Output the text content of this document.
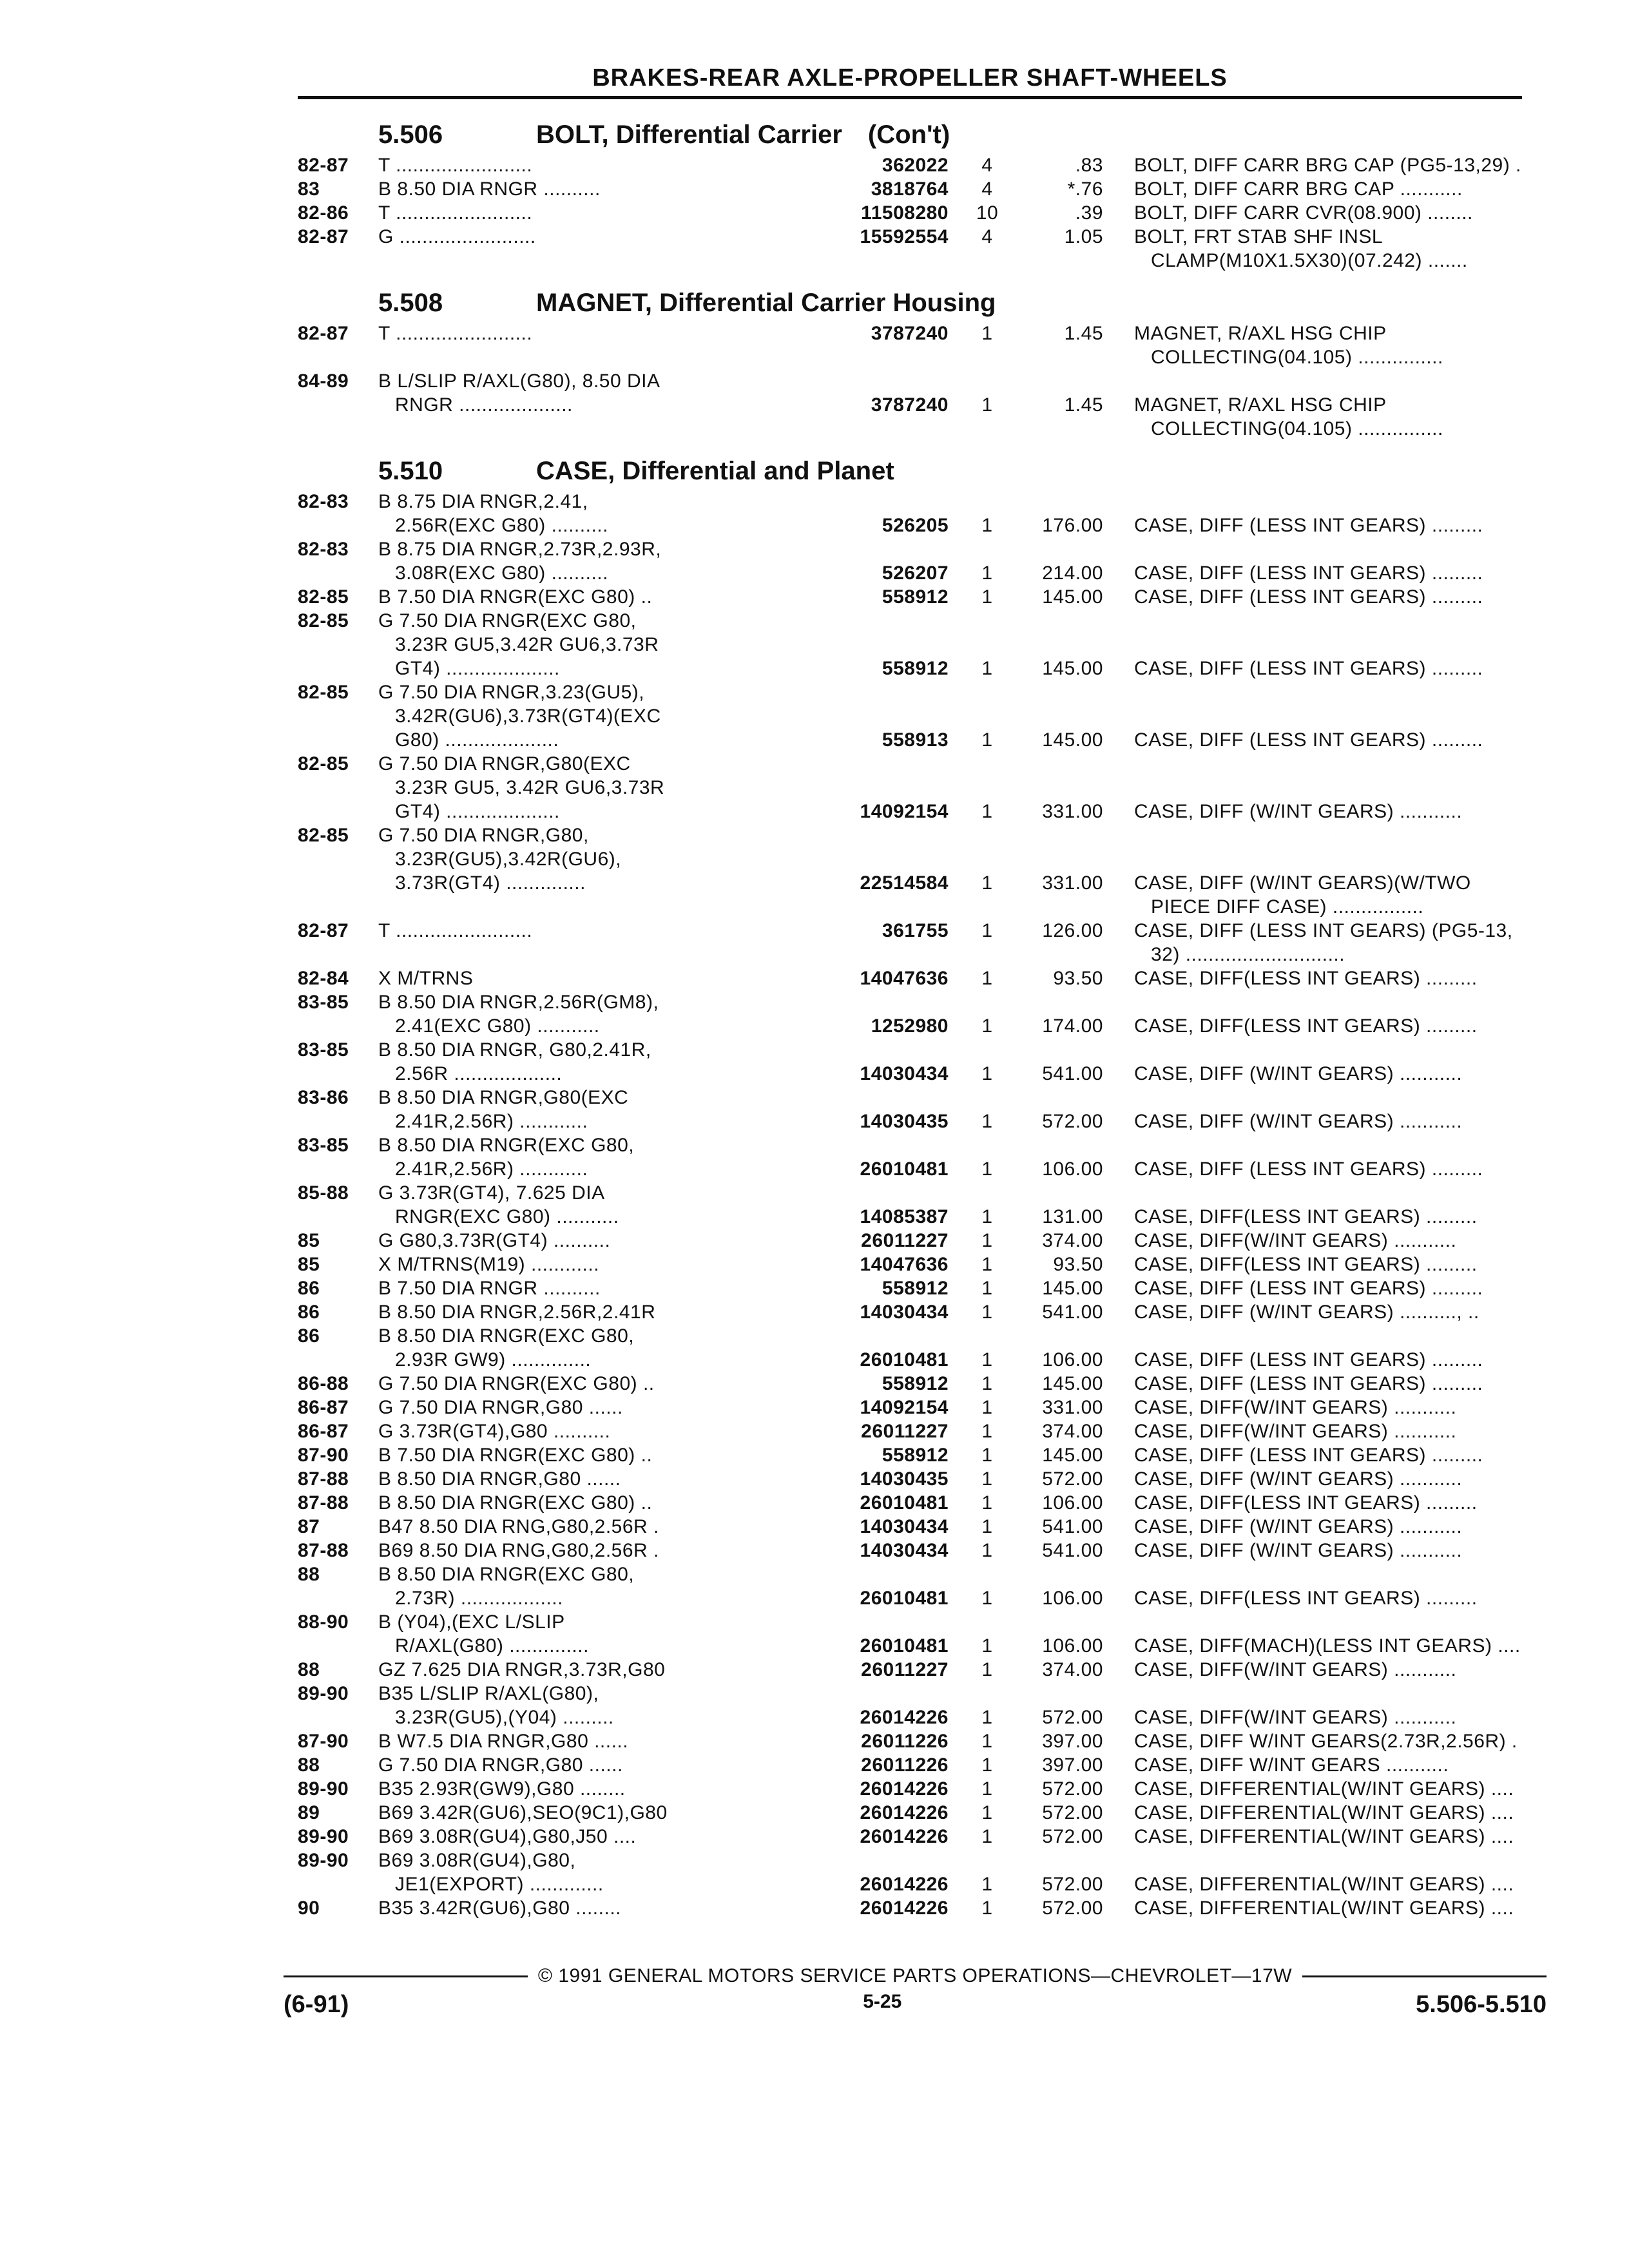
BRAKES-REAR AXLE-PROPELLER SHAFT-WHEELS
5.506	BOLT, Differential Carrier (Con't)
82-87	T ........................	362022	4	.83 BOLT, DIFF CARR BRG CAP (PG5-13,29) .
83	B 8.50 DIA RNGR ..........	3818764	4	*.76 BOLT, DIFF CARR BRG CAP ...........
82-86	T ........................	11508280	10	.39 BOLT, DIFF CARR CVR(08.900) ........
82-87	G ........................	15592554	4	1.05 BOLT, FRT STAB SHF INSL
CLAMP(M10X1.5X30)(07.242) .......
5.508	MAGNET, Differential Carrier Housing
82-87	T ........................	3787240	1	1.45 MAGNET, R/AXL HSG CHIP
COLLECTING(04.105) ...............
84-89	B L/SLIP R/AXL(G80), 8.50 DIA
RNGR ....................	3787240	1	1.45 MAGNET, R/AXL HSG CHIP
COLLECTING(04.105) ...............
5.510	CASE, Differential and Planet
82-83	B 8.75 DIA RNGR,2.41,
2.56R(EXC G80) ..........	526205	1	176.00 CASE, DIFF (LESS INT GEARS) .........
82-83	B 8.75 DIA RNGR,2.73R,2.93R,
3.08R(EXC G80) ..........	526207	1	214.00 CASE, DIFF (LESS INT GEARS) .........
82-85	B 7.50 DIA RNGR(EXC G80) ..	558912	1	145.00 CASE, DIFF (LESS INT GEARS) .........
82-85	G 7.50 DIA RNGR(EXC G80,
3.23R GU5,3.42R GU6,3.73R
GT4) ....................	558912	1	145.00 CASE, DIFF (LESS INT GEARS) .........
82-85	G 7.50 DIA RNGR,3.23(GU5),
3.42R(GU6),3.73R(GT4)(EXC
G80) ....................	558913	1	145.00 CASE, DIFF (LESS INT GEARS) .........
82-85	G 7.50 DIA RNGR,G80(EXC
3.23R GU5, 3.42R GU6,3.73R
GT4) ....................	14092154	1	331.00 CASE, DIFF (W/INT GEARS) ...........
82-85	G 7.50 DIA RNGR,G80,
3.23R(GU5),3.42R(GU6),
3.73R(GT4) ..............	22514584	1	331.00 CASE, DIFF (W/INT GEARS)(W/TWO
PIECE DIFF CASE) ................
82-87	T ........................	361755	1	126.00 CASE, DIFF (LESS INT GEARS) (PG5-13,
32) ............................
82-84	X M/TRNS	14047636	1	93.50 CASE, DIFF(LESS INT GEARS) .........
83-85	B 8.50 DIA RNGR,2.56R(GM8),
2.41(EXC G80) ...........	1252980	1	174.00 CASE, DIFF(LESS INT GEARS) .........
83-85	B 8.50 DIA RNGR, G80,2.41R,
2.56R ...................	14030434	1	541.00 CASE, DIFF (W/INT GEARS) ...........
83-86	B 8.50 DIA RNGR,G80(EXC
2.41R,2.56R) ............	14030435	1	572.00 CASE, DIFF (W/INT GEARS) ...........
83-85	B 8.50 DIA RNGR(EXC G80,
2.41R,2.56R) ............	26010481	1	106.00 CASE, DIFF (LESS INT GEARS) .........
85-88	G 3.73R(GT4), 7.625 DIA
RNGR(EXC G80) ...........	14085387	1	131.00 CASE, DIFF(LESS INT GEARS) .........
85	G G80,3.73R(GT4) ..........	26011227	1	374.00 CASE, DIFF(W/INT GEARS) ...........
85	X M/TRNS(M19) ............	14047636	1	93.50 CASE, DIFF(LESS INT GEARS) .........
86	B 7.50 DIA RNGR ..........	558912	1	145.00 CASE, DIFF (LESS INT GEARS) .........
86	B 8.50 DIA RNGR,2.56R,2.41R	14030434	1	541.00 CASE, DIFF (W/INT GEARS) .........., ..
86	B 8.50 DIA RNGR(EXC G80,
2.93R GW9) ..............	26010481	1	106.00 CASE, DIFF (LESS INT GEARS) .........
86-88	G 7.50 DIA RNGR(EXC G80) ..	558912	1	145.00 CASE, DIFF (LESS INT GEARS) .........
86-87	G 7.50 DIA RNGR,G80 ......	14092154	1	331.00 CASE, DIFF(W/INT GEARS) ...........
86-87	G 3.73R(GT4),G80 ..........	26011227	1	374.00 CASE, DIFF(W/INT GEARS) ...........
87-90	B 7.50 DIA RNGR(EXC G80) ..	558912	1	145.00 CASE, DIFF (LESS INT GEARS) .........
87-88	B 8.50 DIA RNGR,G80 ......	14030435	1	572.00 CASE, DIFF (W/INT GEARS) ...........
87-88	B 8.50 DIA RNGR(EXC G80) ..	26010481	1	106.00 CASE, DIFF(LESS INT GEARS) .........
87	B47 8.50 DIA RNG,G80,2.56R .	14030434	1	541.00 CASE, DIFF (W/INT GEARS) ...........
87-88	B69 8.50 DIA RNG,G80,2.56R .	14030434	1	541.00 CASE, DIFF (W/INT GEARS) ...........
88	B 8.50 DIA RNGR(EXC G80,
2.73R) ..................	26010481	1	106.00 CASE, DIFF(LESS INT GEARS) .........
88-90	B (Y04),(EXC L/SLIP
R/AXL(G80) ..............	26010481	1	106.00 CASE, DIFF(MACH)(LESS INT GEARS) ....
88	GZ 7.625 DIA RNGR,3.73R,G80	26011227	1	374.00 CASE, DIFF(W/INT GEARS) ...........
89-90	B35 L/SLIP R/AXL(G80),
3.23R(GU5),(Y04) .........	26014226	1	572.00 CASE, DIFF(W/INT GEARS) ...........
87-90	B W7.5 DIA RNGR,G80 ......	26011226	1	397.00 CASE, DIFF W/INT GEARS(2.73R,2.56R) .
88	G 7.50 DIA RNGR,G80 ......	26011226	1	397.00 CASE, DIFF W/INT GEARS ...........
89-90	B35 2.93R(GW9),G80 ........	26014226	1	572.00 CASE, DIFFERENTIAL(W/INT GEARS) ....
89	B69 3.42R(GU6),SEO(9C1),G80	26014226	1	572.00 CASE, DIFFERENTIAL(W/INT GEARS) ....
89-90	B69 3.08R(GU4),G80,J50 ....	26014226	1	572.00 CASE, DIFFERENTIAL(W/INT GEARS) ....
89-90	B69 3.08R(GU4),G80,
JE1(EXPORT) .............	26014226	1	572.00 CASE, DIFFERENTIAL(W/INT GEARS) ....
90	B35 3.42R(GU6),G80 ........	26014226	1	572.00 CASE, DIFFERENTIAL(W/INT GEARS) ....
© 1991 GENERAL MOTORS SERVICE PARTS OPERATIONS—CHEVROLET—17W
(6-91)	5-25	5.506-5.510
